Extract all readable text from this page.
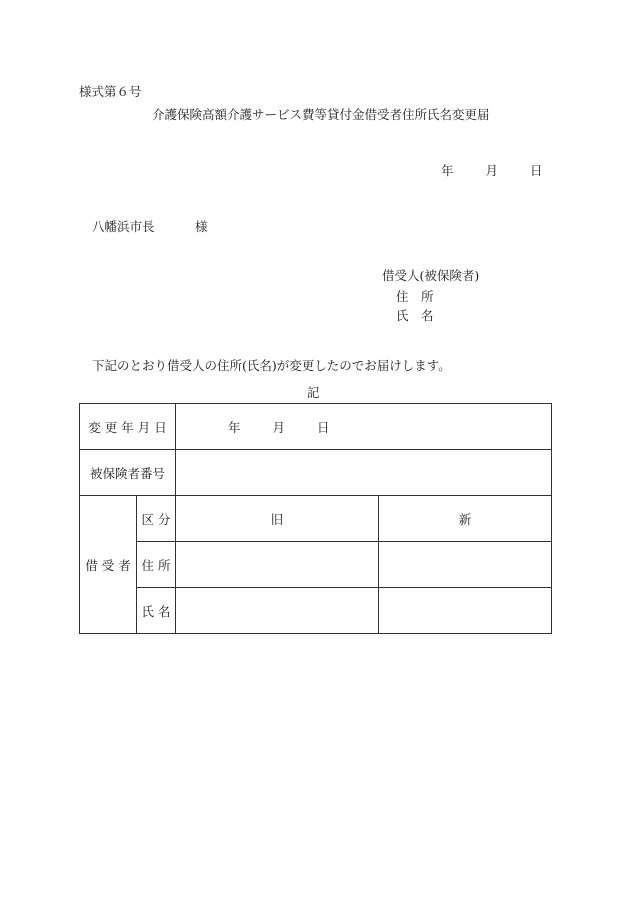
様式第６号
介護保険高額介護サービス費等貸付金借受者住所氏名変更届
年	月	日
八幡浜市長	様
借受人(被保険者)
住　所
氏　名
下記のとおり借受人の住所(氏名)が変更したのでお届けします。
記
変 更 年 月 日		年 月 日	

被保険者番号			
借 受 者	区 分	旧	新
	住 所		
	氏 名		
